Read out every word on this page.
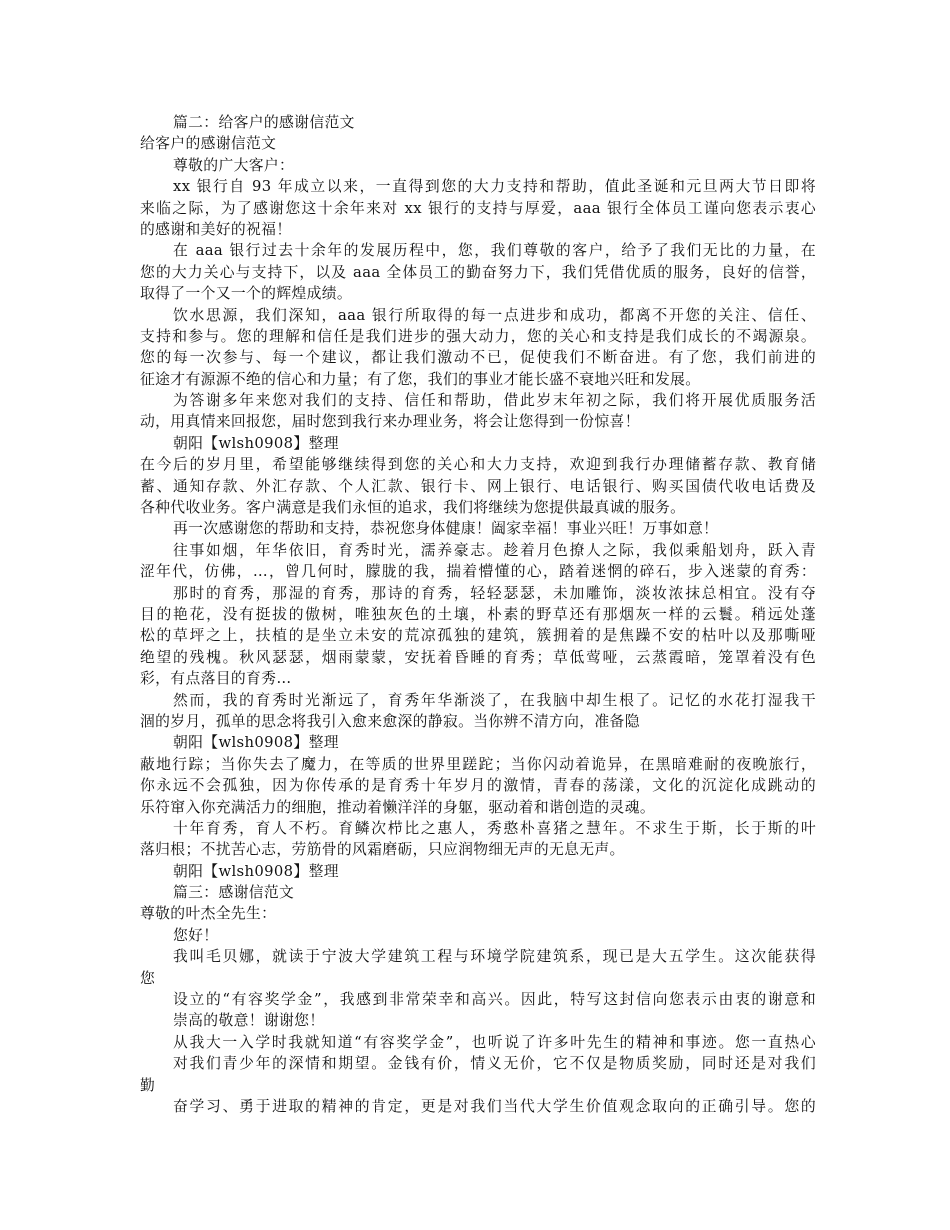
篇二：给客户的感谢信范文
给客户的感谢信范文
尊敬的广大客户：
xx 银行自 93 年成立以来，一直得到您的大力支持和帮助，值此圣诞和元旦两大节日即将
来临之际，为了感谢您这十余年来对 xx 银行的支持与厚爱，aaa 银行全体员工谨向您表示衷心
的感谢和美好的祝福！
在 aaa 银行过去十余年的发展历程中，您，我们尊敬的客户，给予了我们无比的力量，在
您的大力关心与支持下，以及 aaa 全体员工的勤奋努力下，我们凭借优质的服务，良好的信誉，
取得了一个又一个的辉煌成绩。
饮水思源，我们深知，aaa 银行所取得的每一点进步和成功，都离不开您的关注、信任、
支持和参与。您的理解和信任是我们进步的强大动力，您的关心和支持是我们成长的不竭源泉。
您的每一次参与、每一个建议，都让我们激动不已，促使我们不断奋进。有了您，我们前进的
征途才有源源不绝的信心和力量；有了您，我们的事业才能长盛不衰地兴旺和发展。
为答谢多年来您对我们的支持、信任和帮助，借此岁末年初之际，我们将开展优质服务活
动，用真情来回报您，届时您到我行来办理业务，将会让您得到一份惊喜！
朝阳【wlsh0908】整理
在今后的岁月里，希望能够继续得到您的关心和大力支持，欢迎到我行办理储蓄存款、教育储
蓄、通知存款、外汇存款、个人汇款、银行卡、网上银行、电话银行、购买国债代收电话费及
各种代收业务。客户满意是我们永恒的追求，我们将继续为您提供最真诚的服务。
再一次感谢您的帮助和支持，恭祝您身体健康！阖家幸福！事业兴旺！万事如意！
往事如烟，年华依旧，育秀时光，濡养豪志。趁着月色撩人之际，我似乘船划舟，跃入青
涩年代，仿佛，…，曾几何时，朦胧的我，揣着懵懂的心，踏着迷惘的碎石，步入迷蒙的育秀：
那时的育秀，那湿的育秀，那诗的育秀，轻轻瑟瑟，未加雕饰，淡妆浓抹总相宜。没有夺
目的艳花，没有挺拔的傲树，唯独灰色的土壤，朴素的野草还有那烟灰一样的云鬟。稍远处蓬
松的草坪之上，扶植的是坐立未安的荒凉孤独的建筑，簇拥着的是焦躁不安的枯叶以及那嘶哑
绝望的残槐。秋风瑟瑟，烟雨蒙蒙，安抚着昏睡的育秀；草低莺哑，云蒸霞暗，笼罩着没有色
彩，有点落目的育秀…
然而，我的育秀时光渐远了，育秀年华渐淡了，在我脑中却生根了。记忆的水花打湿我干
涸的岁月，孤单的思念将我引入愈来愈深的静寂。当你辨不清方向，准备隐
朝阳【wlsh0908】整理
蔽地行踪；当你失去了魔力，在等质的世界里蹉跎；当你闪动着诡异，在黑暗难耐的夜晚旅行，
你永远不会孤独，因为你传承的是育秀十年岁月的激情，青春的荡漾，文化的沉淀化成跳动的
乐符窜入你充满活力的细胞，推动着懒洋洋的身躯，驱动着和谐创造的灵魂。
十年育秀，育人不朽。育鳞次栉比之惠人，秀憨朴喜猪之慧年。不求生于斯，长于斯的叶
落归根；不扰苦心志，劳筋骨的风霜磨砺，只应润物细无声的无息无声。
朝阳【wlsh0908】整理
篇三：感谢信范文
尊敬的叶杰全先生：
您好！
我叫毛贝娜，就读于宁波大学建筑工程与环境学院建筑系，现已是大五学生。这次能获得
您
设立的“有容奖学金”，我感到非常荣幸和高兴。因此，特写这封信向您表示由衷的谢意和
崇高的敬意！谢谢您！
从我大一入学时我就知道“有容奖学金”，也听说了许多叶先生的精神和事迹。您一直热心
对我们青少年的深情和期望。金钱有价，情义无价，它不仅是物质奖励，同时还是对我们
勤
奋学习、勇于进取的精神的肯定，更是对我们当代大学生价值观念取向的正确引导。您的
